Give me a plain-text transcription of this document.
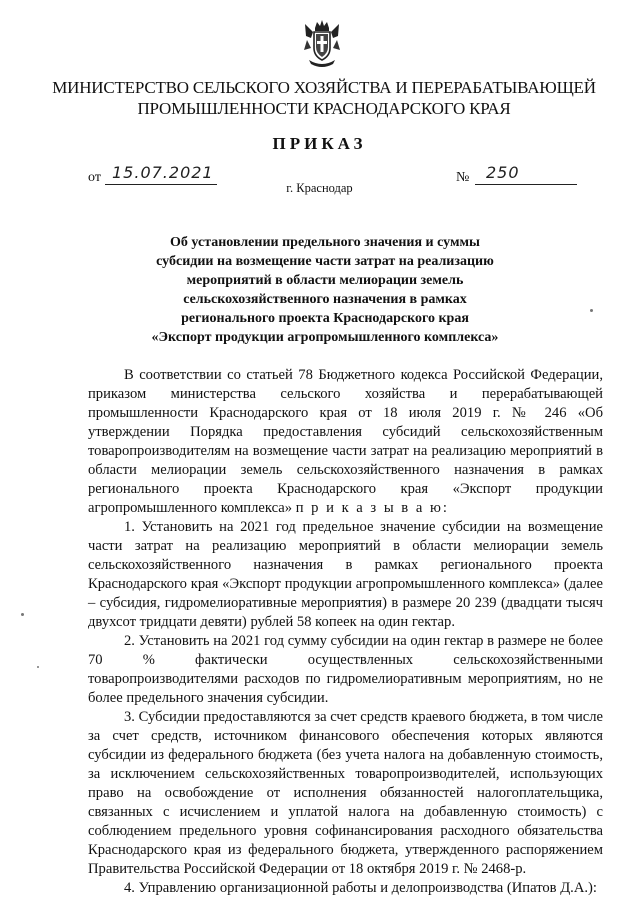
МИНИСТЕРСТВО СЕЛЬСКОГО ХОЗЯЙСТВА И ПЕРЕРАБАТЫВАЮЩЕЙ
ПРОМЫШЛЕННОСТИ КРАСНОДАРСКОГО КРАЯ
ПРИКАЗ
от 15.07.2021	№ 250
г. Краснодар
Об установлении предельного значения и суммы
субсидии на возмещение части затрат на реализацию
мероприятий в области мелиорации земель
сельскохозяйственного назначения в рамках
регионального проекта Краснодарского края
«Экспорт продукции агропромышленного комплекса»

В соответствии со статьей 78 Бюджетного кодекса Российской Федерации, приказом министерства сельского хозяйства и перерабатывающей промышленности Краснодарского края от 18 июля 2019 г. № 246 «Об утверждении Порядка предоставления субсидий сельскохозяйственным товаропроизводителям на возмещение части затрат на реализацию мероприятий в области мелиорации земель сельскохозяйственного назначения в рамках регионального проекта Краснодарского края «Экспорт продукции агропромышленного комплекса» п р и к а з ы в а ю:

1. Установить на 2021 год предельное значение субсидии на возмещение части затрат на реализацию мероприятий в области мелиорации земель сельскохозяйственного назначения в рамках регионального проекта Краснодарского края «Экспорт продукции агропромышленного комплекса» (далее – субсидия, гидромелиоративные мероприятия) в размере 20 239 (двадцати тысяч двухсот тридцати девяти) рублей 58 копеек на один гектар.

2. Установить на 2021 год сумму субсидии на один гектар в размере не более 70 % фактически осуществленных сельскохозяйственными товаропроизводителями расходов по гидромелиоративным мероприятиям, но не более предельного значения субсидии.

3. Субсидии предоставляются за счет средств краевого бюджета, в том числе за счет средств, источником финансового обеспечения которых являются субсидии из федерального бюджета (без учета налога на добавленную стоимость, за исключением сельскохозяйственных товаропроизводителей, использующих право на освобождение от исполнения обязанностей налогоплательщика, связанных с исчислением и уплатой налога на добавленную стоимость) с соблюдением предельного уровня софинансирования расходного обязательства Краснодарского края из федерального бюджета, утвержденного распоряжением Правительства Российской Федерации от 18 октября 2019 г. № 2468-р.

4. Управлению организационной работы и делопроизводства (Ипатов Д.А.):
